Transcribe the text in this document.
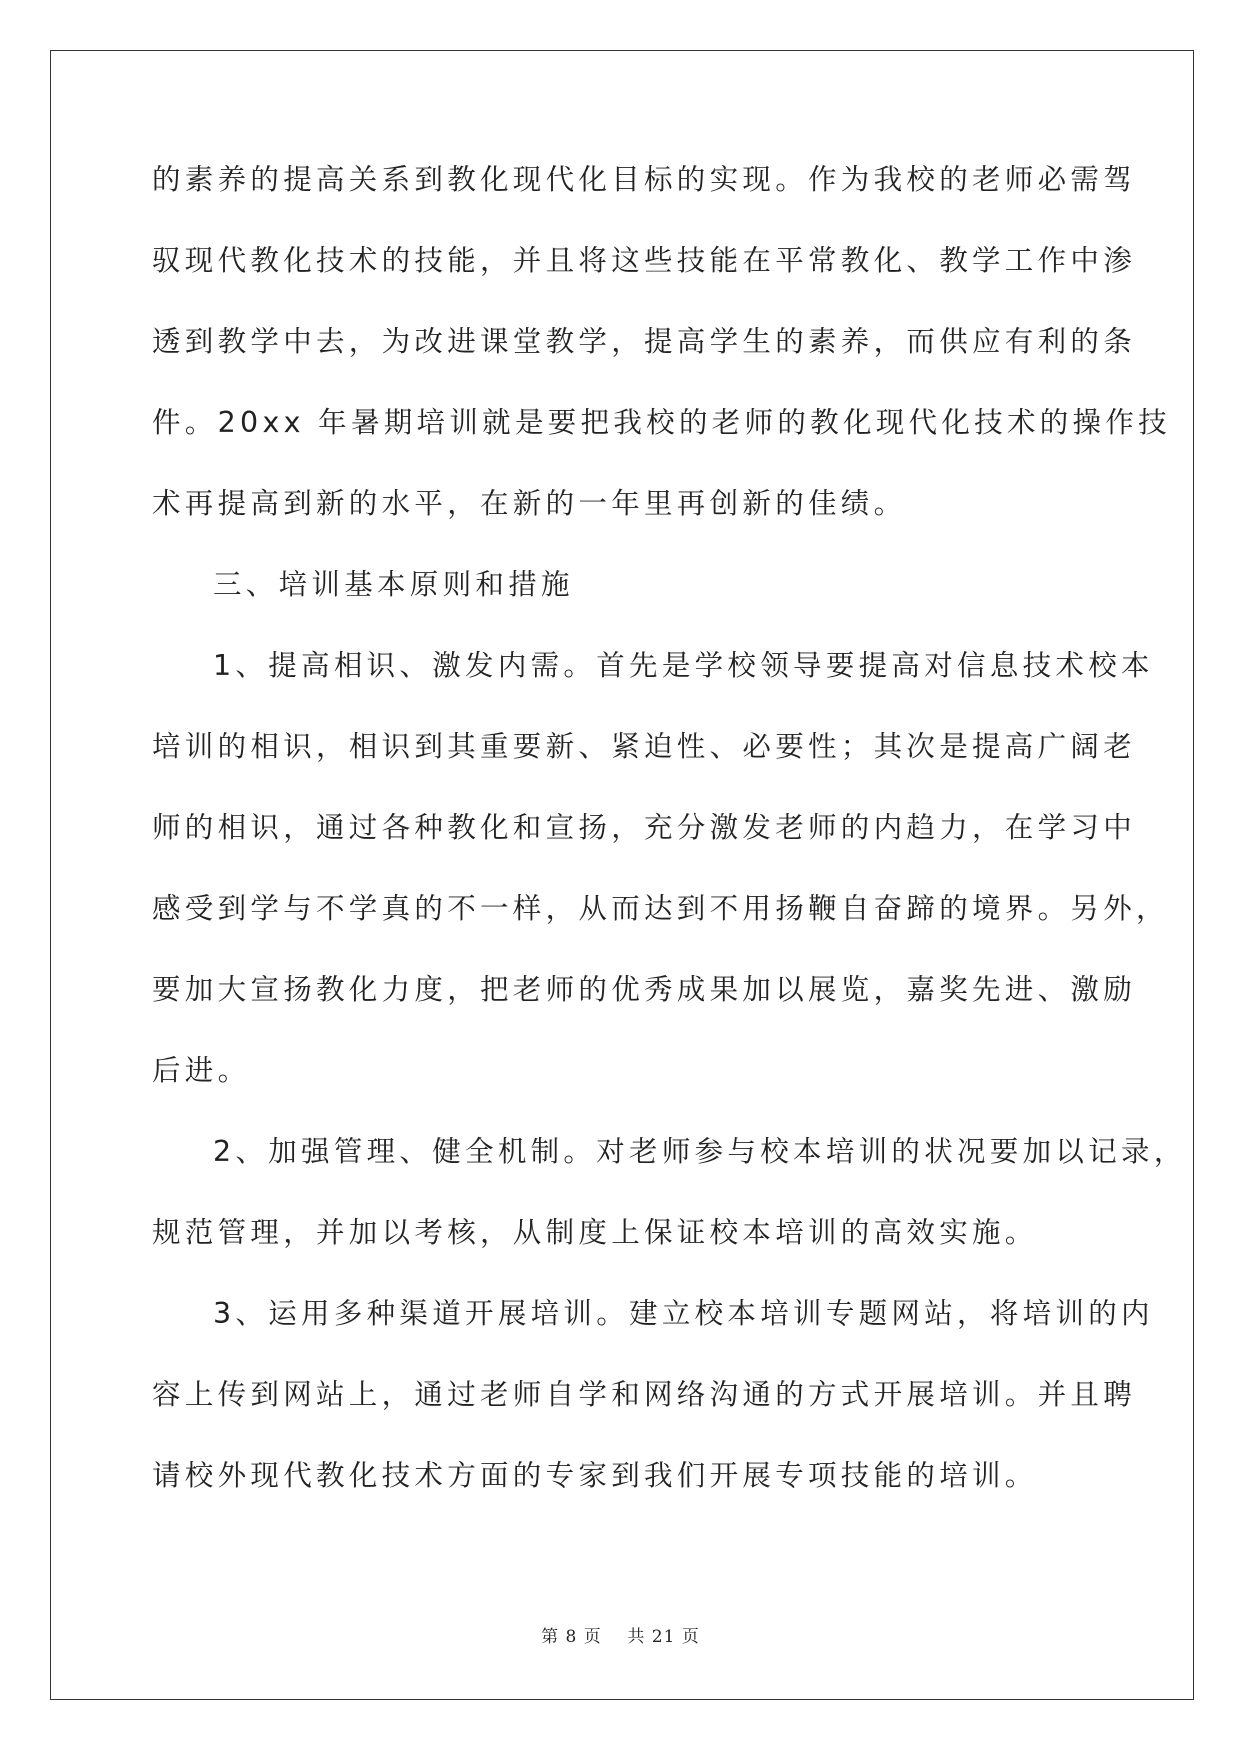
的素养的提高关系到教化现代化目标的实现。作为我校的老师必需驾
驭现代教化技术的技能，并且将这些技能在平常教化、教学工作中渗
透到教学中去，为改进课堂教学，提高学生的素养，而供应有利的条
件。20xx 年暑期培训就是要把我校的老师的教化现代化技术的操作技
术再提高到新的水平，在新的一年里再创新的佳绩。
三、培训基本原则和措施
1、提高相识、激发内需。首先是学校领导要提高对信息技术校本
培训的相识，相识到其重要新、紧迫性、必要性；其次是提高广阔老
师的相识，通过各种教化和宣扬，充分激发老师的内趋力，在学习中
感受到学与不学真的不一样，从而达到不用扬鞭自奋蹄的境界。另外，
要加大宣扬教化力度，把老师的优秀成果加以展览，嘉奖先进、激励
后进。
2、加强管理、健全机制。对老师参与校本培训的状况要加以记录，
规范管理，并加以考核，从制度上保证校本培训的高效实施。
3、运用多种渠道开展培训。建立校本培训专题网站，将培训的内
容上传到网站上，通过老师自学和网络沟通的方式开展培训。并且聘
请校外现代教化技术方面的专家到我们开展专项技能的培训。
第 8 页 共 21 页
